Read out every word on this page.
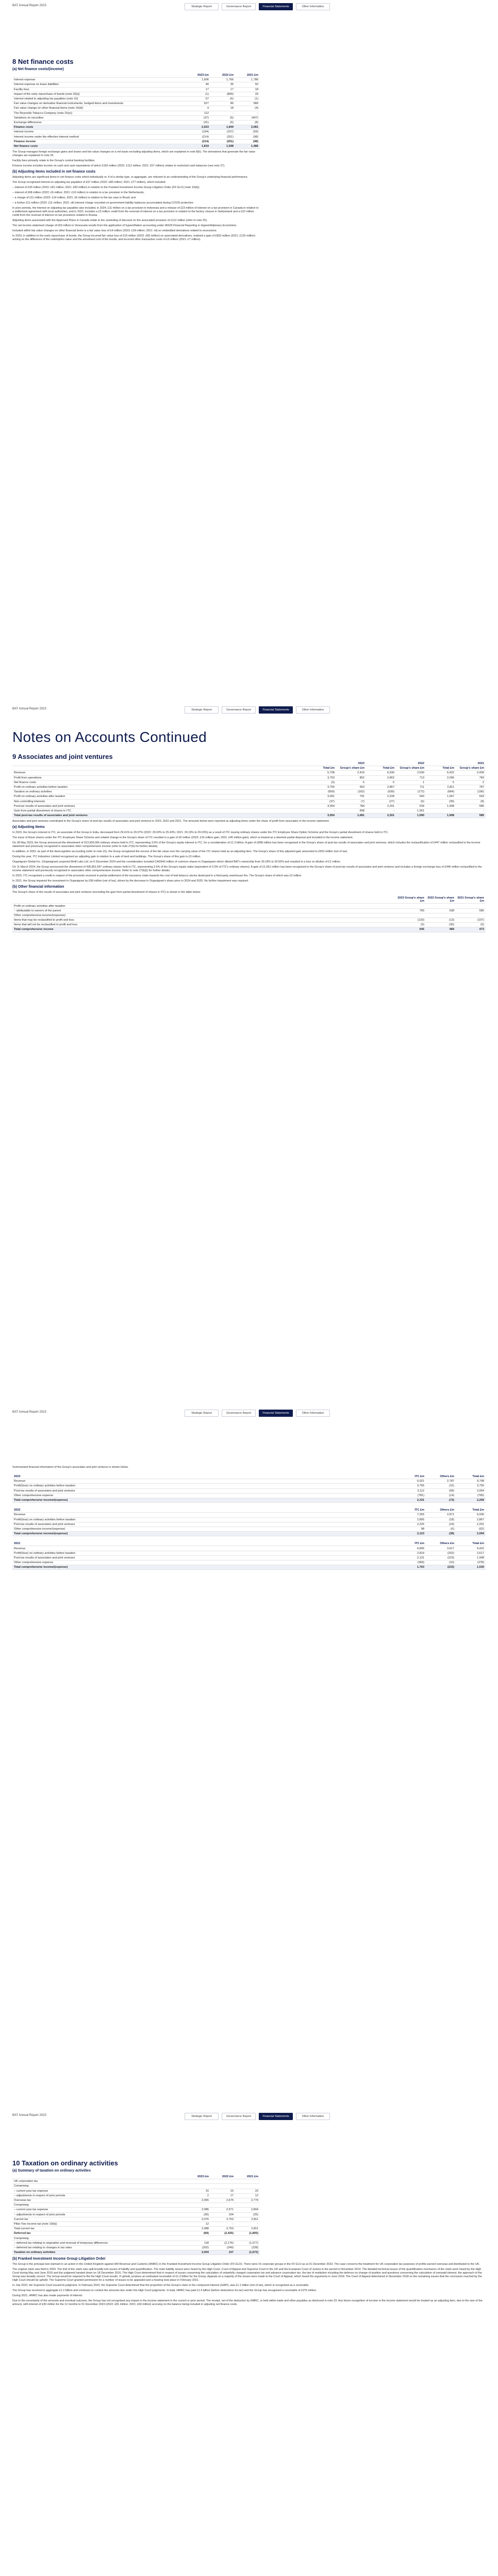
BAT Annual Report 2023	Strategic Report	Governance Report	Financial Statements	Other Information
8 Net finance costs
(a) Net finance costs/(income)
	2023 £m	2022 £m	2021 £m
Interest expense	1,606	1,766	1,786
Interest expense on lease liabilities	40	35	50
Facility fees	17	17	18
Impact of the early repurchase of bonds (note 26(i))	(1)	(890)	29
Interest related to adjusting tax payables (note 10)	57	(6)	(1)
Fair value changes on derivative financial instruments, hedged items and investments	527	80	589
Fair value change on other financial items (note 14(d))	4	18	(4)
The Reynolds Tobacco Company (note 15(e))	112	-	-
Variations on securities	(37)	(5)	(407)
Exchange differences	(31)	(6)	(8)
Finance costs	2,023	1,849	2,081
Interest income	(194)	(157)	(59)
Interest income under the effective interest method	(214)	(251)	(98)
Finance income	(214)	(251)	(98)
Net finance costs	1,819	1,598	1,486

The Group manages foreign exchange gains and losses and fair value changes on a net basis excluding adjusting items, which are explained in note 8(b). The derivatives that generate the fair value changes are explained in note 26.

Facility fees primarily relate to the Group's central banking facilities.

Finance income includes income on cash and cash equivalents of which £150 million (2022: £112 million; 2021: £57 million) relates to restricted cash balances (see note 27).

(b) Adjusting items included in net finance costs

Adjusting items are significant items in net finance costs which individually or, if of a similar type, in aggregate, are relevant to an understanding of the Group's underlying financial performance.

The Group recognised interest on adjusting tax payables of £57 million (2022: £80 million; 2021: £77 million), which included:

– interest of £30 million (2022: £81 million; 2021: £60 million) in relation to the Franked Investment Income Group Litigation Order (FII GLO) (note 10(d));

– interest of £68 million (2022: £6 million; 2021: £10 million) in relation to a tax provision in the Netherlands;

– a charge of £11 million (2022: £14 million; 2021: £6 million) in relation to the tax case in Brazil; and

– a further £11 million (2022: £11 million; 2021: nil) interest charge recorded on government liability balances accumulated during COVID protection.

In prior periods, the interest on adjusting tax payables also included, in 2024, £11 million on a tax provision in Indonesia and a release of £23 million of interest on a tax provision in Canada in relation to a settlement agreement with local authorities, and in 2022, includes a £3 million credit from the reversal of interest on a tax provision in relation to the factory closure in Switzerland and a £22 million credit from the reversal of interest on tax provisions related to Russia.

Adjusting items associated with the Approved Plans in Canada relate to the unwinding of discount on the associated provision of £112 million (refer to note 25).

The net income statement charge of £63 million in Venezuela results from the application of hyperinflation accounting under IAS29 Financial Reporting in Hyperinflationary Economies.

Included within fair value changes on other financial items is a fair value loss of £4 million (2023: £18 million; 2021: nil) on embedded derivatives related to excessions.

In 2023, in addition to the early repurchase of bonds, the Group incurred fair value loss of £19 million (2022: £83 million) on associated derivatives, realised a gain of £832 million (2021: £125 million) arising on the difference of the redemption value and the amortised cost of the bonds, and incurred other transaction costs of £3 million (2021: £7 million).

BAT Annual Report 2023	Strategic Report	Governance Report	Financial Statements	Other Information
Notes on Accounts Continued
9 Associates and joint ventures
	2023		2022		2021	
	Total £m	Group's share £m	Total £m	Group's share £m	Total £m	Group's share £m
Revenue	5,708	2,416	6,936	2,630	6,422	2,430
Profit from operations	3,753	852	2,862	713	2,096	783
Net finance costs	(3)	5	5	1	5	2
Profit on ordinary activities before taxation	3,750	953	2,867	711	2,811	787
Taxation on ordinary activities	(659)	(162)	(639)	(172)	(684)	(196)
Profit on ordinary activities after taxation	3,091	791	2,228	540	1,947	593
Non-controlling interests	(37)	(7)	(27)	(6)	(39)	(8)
Post-tax results of associates and joint ventures	3,054	784	2,201	534	1,908	585
Gain from partial divestment of shares in ITC	-	898	-	1,561	-	-
Total post-tax results of associates and joint ventures	3,054	1,681	2,201	1,590	1,908	585

Associates and joint ventures contributed to the Group's share of post-tax results of associates and joint ventures in 2023, 2022 and 2021. The amounts below were reported as adjusting items under the share of profit from associates in the income statement.

(a) Adjusting items

In 2023, the Group's interest in ITC, an associate of the Group in India, decreased from 29.41% to 29.07% (2022: 29.03% to 25.43%; 2021: 29.19% to 29.03%) as a result of ITC issuing ordinary shares under the ITC Employee Share Option Scheme and the Group's partial divestment of shares held in ITC.

The issue of these shares under the ITC Employee Share Scheme and related change in the Group's share of ITC resulted in a gain of £6 million (2022: £16 million gain; 2021: £45 million gain), which is treated as a deemed partial disposal and included in the income statement.

On 28 May 2023, the Group announced the divestment of 313,500,000 ordinary shares held in ITC, representing 3.5% of the Group's equity interest in ITC, for a consideration of £1.3 billion. A gain of £898 million has been recognised in the Group's share of post-tax results of associates and joint ventures, which includes the reclassification of £447 million reclassified to the income statement and previously recognised in associates other comprehensive income (refer to note 27(b) for further details).

In addition, in 2023, as part of the derecognition accounting (refer to note 15), the Group recognised the excess of the fair value over the carrying value of the ITC shares held as an adjusting item. The Group's share of this adjusted gain amounted to £553 million (net of tax).

During the year, ITC Industries Limited recognised an adjusting gain in relation to a sale of land and buildings. The Group's share of this gain is £3 million.

Organigram Global Inc. (Organigram) acquired Motif Labs Ltd. on 6 December 2024 and the consideration included CAD540 million of common shares in Organigram which diluted BAT's ownership from 30.18% to 30.56% and resulted in a loss on dilution of £1 million.

On 11 March 2024, the Group announced the divestment of 436,851,597 ordinary shares held in ITC, representing 3.5% of the Group's equity stake (equivalent of 3.5% of ITC's ordinary shares). A gain of £1,561 million has been recognised in the Group's share of post-tax results of associates and joint ventures and includes a foreign exchange loss of £445 million reclassified to the income statement and previously recognised in associates other comprehensive income. Refer to note 27(b)(i) for further details.

In 2022, ITC recognised a credit in respect of the proceeds received in partial settlement of the insurance claim towards the cost of leaf tobacco stocks destroyed in a third-party warehouse fire. The Group's share of which was £2 million.

In 2021, the Group impaired the investment in Organigram by £58 million (net of tax), driven by the decrease in Organigram's share price in 2024 and 2025. No further impairment was required.

(b) Other financial information

The Group's share of the results of associates and joint ventures (excluding the gain from partial divestment of shares in ITC) is shown in the table below:

	2023 Group's share £m	2022 Group's share £m	2021 Group's share £m
Profit on ordinary activities after taxation			
– attributable to owners of the parent	783	538	585
Other comprehensive income/(expense):			
Items that may be reclassified to profit and loss	(133)	(13)	(107)
Items that will not be reclassified to profit and loss	(5)	(36)	(5)
Total comprehensive income	645	489	473
BAT Annual Report 2023	Strategic Report	Governance Report	Financial Statements	Other Information

Summarised financial information of the Group's associates and joint ventures is shown below.

2023	ITC £m	Others £m	Total £m
Revenue	6,921	2,787	9,708
Profit/(loss) on ordinary activities before taxation	3,765	(15)	3,750
Post-tax results of associates and joint ventures	3,112	(58)	3,054
Other comprehensive expense	(781)	(14)	(795)
Total comprehensive income/(expense)	2,331	(72)	2,259
2022	ITC £m	Others £m	Total £m
Revenue	7,265	2,871	9,936
Profit/(loss) on ordinary activities before taxation	2,805	(18)	2,867
Post-tax results of associates and joint ventures	2,225	(24)	2,201
Other comprehensive income/(expense)	98	(6)	(62)
Total comprehensive income/(expense)	2,123	(38)	2,094
2021	ITC £m	Others £m	Total £m
Revenue	6,805	3,617	9,422
Profit/(loss) on ordinary activities before taxation	2,819	(202)	2,617
Post-tax results of associates and joint ventures	2,131	(223)	1,908
Other comprehensive expense	(368)	(10)	(378)
Total comprehensive income/(expense)	1,763	(233)	1,530
BAT Annual Report 2023	Strategic Report	Governance Report	Financial Statements	Other Information
10 Taxation on ordinary activities
(a) Summary of taxation on ordinary activities
	2023 £m	2022 £m	2021 £m
UK corporation tax			
Comprising:			
– current year tax expense	15	15	20
– adjustments in respect of prior periods	2	17	12
Overseas tax	2,055	2,675	2,779
Comprising:			
– current year tax expense	2,085	2,571	2,804
– adjustments in respect of prior periods	(30)	104	(25)
Current tax	2,076	2,753	2,811
Pillar Two income tax (note 10(b))	12	-	-
Total current tax	2,088	2,753	2,811
Deferred tax	(84)	(2,425)	(1,805)
Comprising:			
– deferred tax relating to origination and reversal of temporary differences	118	(2,176)	(1,577)
– deferred tax relating to changes in tax rates	(202)	(249)	(228)
Taxation on ordinary activities	2,004	157	(1,672)
(b) Franked Investment Income Group Litigation Order

The Group is the principal test claimant in an action in the United Kingdom against HM Revenue and Customs (HMRC) in the Franked Investment Income Group Litigation Order (FII GLO). There were 15 corporate groups in the FII GLO as at 31 December 2023. The case concerns the treatment for UK corporation tax purposes of profits earned overseas and distributed to the UK.

The original claim was filed in 2003. The trial of the claim was split broadly into issues of liability and quantification. The main liability issues were heard by the High Court, Court of Appeal and Supreme Court in the UK and the European Court of Justice in the period to November 2014. The detailed technical issues of the quantification mechanics of the claim were heard by the High Court during May and June 2016 and the judgment handed down on 18 December 2016. The High Court determined that in respect of issues concerning the calculation of unlawfully charged corporation tax and advance corporation tax, the law of restitution including the defence on change of position and questions concerning the calculation of overpaid interest, the approach of the Group was broadly correct. The Group would be required to file the High Court results. If upheld, produce an estimated receivable of £1.2 billion for the Group. Appeals on a majority of the issues were made to the Court of Appeal, which heard the arguments in June 2018. The Court of Appeal determined in November 2018 on the remaining issues that the conclusion reached by the High Court should be upheld. The Supreme Court granted permission for a number of issues to be appealed and a hearing took place in February 2021.

In July 2022, the Supreme Court issued its judgment. In February 2023, the Supreme Court determined that the proportion of the Group's claim in the compound interest (GAPI), was £1.1 billion (net of tax), which is recognised as a receivable.

The Group has received in aggregate £1.2 billion and continues to contest the amounts due under the High Court judgments. In total, HMRC has paid £1.4 billion (before deductions for tax) and the Group has recognised a receivable of £275 million.

During 2021, HMRC has also made payments of interest.

Due to the uncertainty of the amounts and eventual outcome, the Group has not recognised any impact in the income statement in the current or prior period. The receipt, net of the deduction by HMRC, is held within trade and other payables as disclosed in note 23. Any future recognition of income in the income statement would be treated as an adjusting item, due to the size of the amount, with interest of £30 million for the 12 months to 31 December 2023 (2022: £81 million; 2021: £60 million) accruing on the balance being included in adjusting net finance costs.
